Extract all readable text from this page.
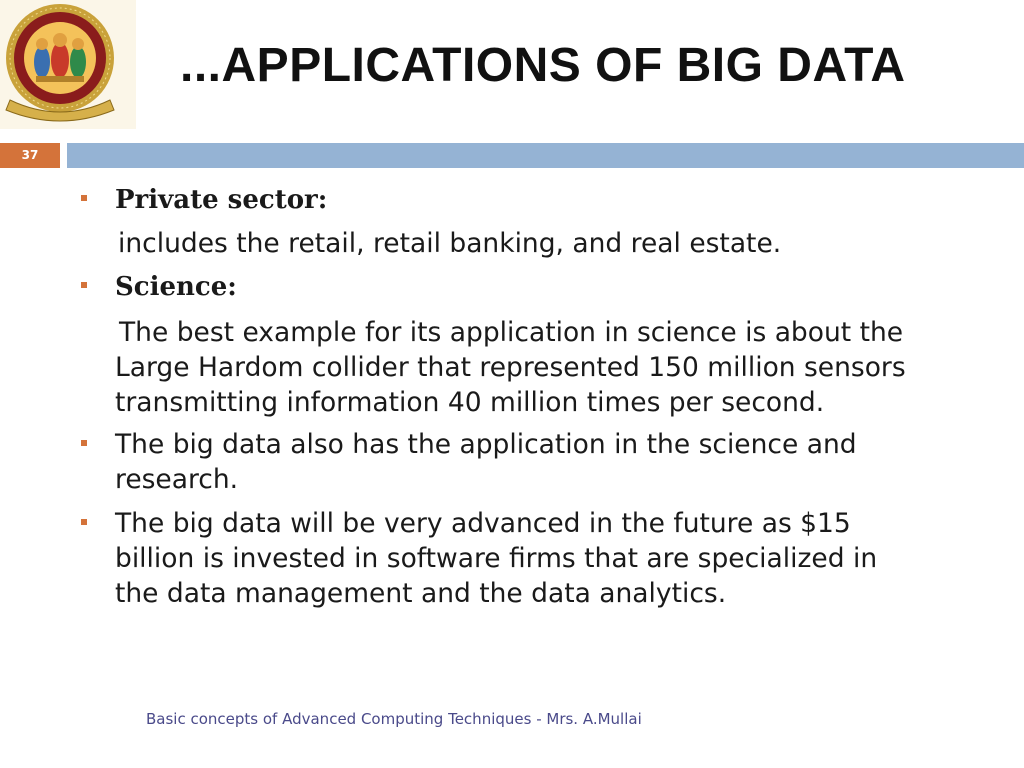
...APPLICATIONS OF BIG DATA
37
Private sector:
includes the retail, retail banking, and real estate.
Science:
The best example for its application in science is about the
Large Hardom collider that represented 150 million sensors
transmitting information 40 million times per second.
The big data also has the application in the science and
research.
The big data will be very advanced in the future as $15
billion is invested in software firms that are specialized in
the data management and the data analytics.
Basic concepts of Advanced Computing Techniques - Mrs. A.Mullai
